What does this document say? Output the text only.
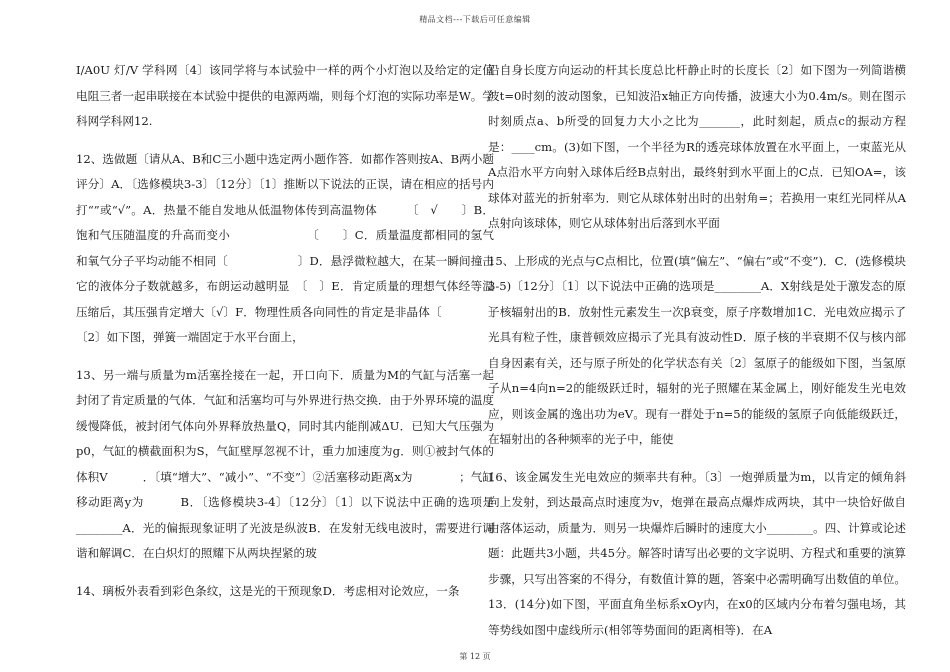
精品文档---下载后可任意编辑

I/A0U 灯/V 学科网〔4〕该同学将与本试验中一样的两个小灯泡以及给定的定值电阻三者一起串联接在本试验中提供的电源两端，则每个灯泡的实际功率是W。学科网学科网12.

12、选做题〔请从A、B和C三小题中选定两小题作答．如都作答则按A、B两小题评分〕A．〔选修模块3-3〕〔12分〕〔1〕推断以下说法的正误，请在相应的括号内打“”或“√”。A．热量不能自发地从低温物体传到高温物体　　　〔　√　　〕B．饱和气压随温度的升高而变小　　　　　　　〔　　〕C．质量温度都相同的氢气和氧气分子平均动能不相同〔　　　　　　〕D．悬浮微粒越大，在某一瞬间撞击它的液体分子数就越多，布朗运动越明显　〔　〕E．肯定质量的理想气体经等温压缩后，其压强肯定增大〔√〕F．物理性质各向同性的肯定是非晶体〔　　　　〕〔2〕如下图，弹簧一端固定于水平台面上，

13、另一端与质量为m活塞拴接在一起，开口向下．质量为M的气缸与活塞一起封闭了肯定质量的气体．气缸和活塞均可与外界进行热交换．由于外界环境的温度缓慢降低，被封闭气体向外界释放热量Q，同时其内能削减ΔU．已知大气压强为p0，气缸的横截面积为S，气缸壁厚忽视不计，重力加速度为g．则①被封气体的体积V　　　．〔填“增大”、“减小”、“不变”〕②活塞移动距离x为　　　　；气缸移动距离y为　　　B．〔选修模块3-4〕〔12分〕〔1〕以下说法中正确的选项是________A．光的偏振现象证明了光波是纵波B．在发射无线电波时，需要进行调谐和解调C．在白炽灯的照耀下从两块捏紧的玻

14、璃板外表看到彩色条纹，这是光的干预现象D．考虑相对论效应，一条

沿自身长度方向运动的杆其长度总比杆静止时的长度长〔2〕如下图为一列简谐横波t=0时刻的波动图象，已知波沿x轴正方向传播，波速大小为0.4m/s。则在图示时刻质点a、b所受的回复力大小之比为_______，此时刻起，质点c的振动方程是：____cm。(3)如下图，一个半径为R的透亮球体放置在水平面上，一束蓝光从A点沿水平方向射入球体后经B点射出，最终射到水平面上的C点．已知OA=，该球体对蓝光的折射率为．则它从球体射出时的出射角=；若换用一束红光同样从A点射向该球体，则它从球体射出后落到水平面

15、上形成的光点与C点相比，位置(填“偏左”、“偏右”或“不变”)．C．(选修模块3-5)〔12分〕〔1〕以下说法中正确的选项是________A．X射线是处于激发态的原子核辐射出的B．放射性元素发生一次β衰变，原子序数增加1C．光电效应揭示了光具有粒子性，康普顿效应揭示了光具有波动性D．原子核的半衰期不仅与核内部自身因素有关，还与原子所处的化学状态有关〔2〕氢原子的能级如下图，当氢原子从n=4向n=2的能级跃迁时，辐射的光子照耀在某金属上，刚好能发生光电效应，则该金属的逸出功为eV。现有一群处于n=5的能级的氢原子向低能级跃迁，在辐射出的各种频率的光子中，能使

16、该金属发生光电效应的频率共有种。〔3〕一炮弹质量为m，以肯定的倾角斜向上发射，到达最高点时速度为v，炮弹在最高点爆炸成两块，其中一块恰好做自由落体运动，质量为．则另一块爆炸后瞬时的速度大小________。四、计算或论述题：此题共3小题，共45分。解答时请写出必要的文字说明、方程式和重要的演算步骤，只写出答案的不得分，有数值计算的题，答案中必需明确写出数值的单位。13．(14分)如下图，平面直角坐标系xOy内，在x0的区域内分布着匀强电场，其等势线如图中虚线所示(相邻等势面间的距离相等)．在A

第 12 页
